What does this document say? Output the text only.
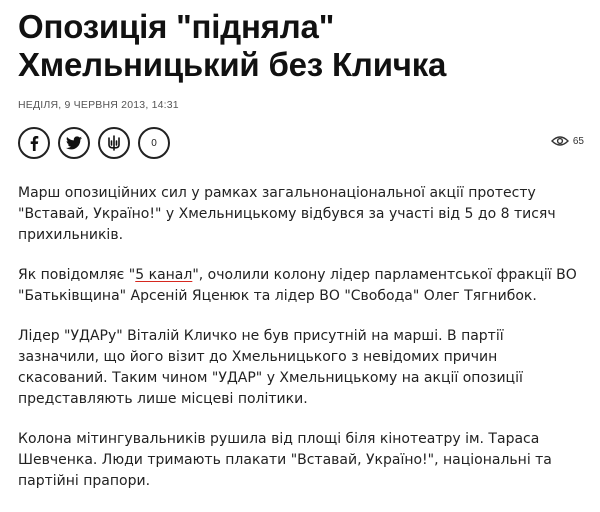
Опозиція "підняла" Хмельницький без Кличка
НЕДІЛЯ, 9 ЧЕРВНЯ 2013, 14:31
0	65

Марш опозиційних сил у рамках загальнонаціональної акції протесту "Вставай, Україно!" у Хмельницькому відбувся за участі від 5 до 8 тисяч прихильників.

Як повідомляє "5 канал", очолили колону лідер парламентської фракції ВО "Батьківщина" Арсеній Яценюк та лідер ВО "Свобода" Олег Тягнибок.

Лідер "УДАРу" Віталій Кличко не був присутній на марші. В партії зазначили, що його візит до Хмельницького з невідомих причин скасований. Таким чином "УДАР" у Хмельницькому на акції опозиції представляють лише місцеві політики.

Колона мітингувальників рушила від площі біля кінотеатру ім. Тараса Шевченка. Люди тримають плакати "Вставай, Україно!", національні та партійні прапори.
